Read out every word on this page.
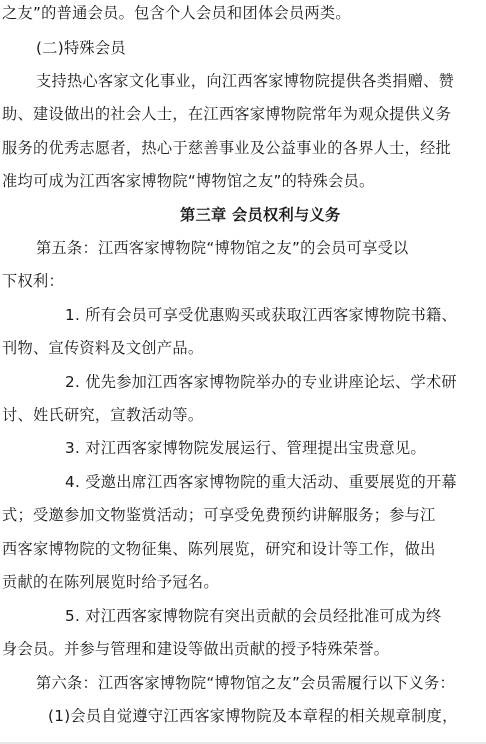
之友”的普通会员。包含个人会员和团体会员两类。
(二)特殊会员
支持热心客家文化事业，向江西客家博物院提供各类捐赠、赞
助、建设做出的社会人士，在江西客家博物院常年为观众提供义务
服务的优秀志愿者，热心于慈善事业及公益事业的各界人士，经批
准均可成为江西客家博物院“博物馆之友”的特殊会员。
第三章 会员权利与义务
第五条：江西客家博物院“博物馆之友”的会员可享受以
下权利：
1. 所有会员可享受优惠购买或获取江西客家博物院书籍、
刊物、宣传资料及文创产品。
2. 优先参加江西客家博物院举办的专业讲座论坛、学术研
讨、姓氏研究，宣教活动等。
3. 对江西客家博物院发展运行、管理提出宝贵意见。
4. 受邀出席江西客家博物院的重大活动、重要展览的开幕
式；受邀参加文物鉴赏活动；可享受免费预约讲解服务；参与江
西客家博物院的文物征集、陈列展览，研究和设计等工作，做出
贡献的在陈列展览时给予冠名。
5. 对江西客家博物院有突出贡献的会员经批准可成为终
身会员。并参与管理和建设等做出贡献的授予特殊荣誉。
第六条：江西客家博物院“博物馆之友”会员需履行以下义务：
(1)会员自觉遵守江西客家博物院及本章程的相关规章制度，
